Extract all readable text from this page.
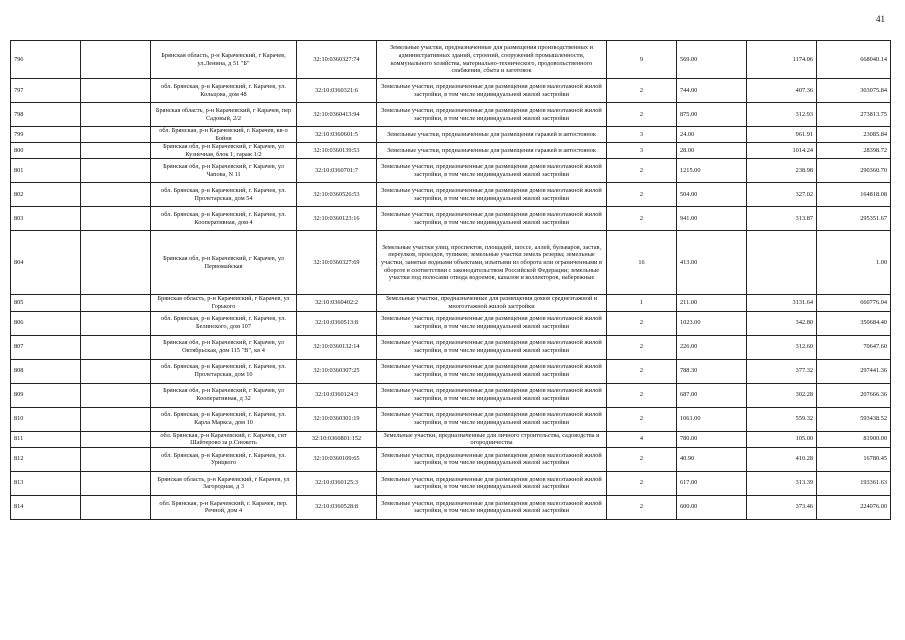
41
796		Брянская область, р-н Карачевский, г Карачев, ул.Ленина, д 51 "Б"	32:10:0360327:74	Земельные участки, предназначенные для размещения производственных и административных зданий, строений, сооружений промышленности, коммунального хозяйства, материально-технического, продовольственного снабжения, сбыта и заготовок	9	569.00	1174.06	668040.14
797		обл. Брянская, р-н Карачевский, г. Карачев, ул. Кольцова, дом 48	32:10:0360321:6	Земельные участки, предназначенные для размещения домов малоэтажной жилой застройки, в том числе индивидуальной жилой застройки	2	744.00	407.36	303075.84
798		Брянская область, р-н Карачевский, г Карачев, пер Садовый, 2/2	32:10:0360413:94	Земельные участки, предназначенные для размещения домов малоэтажной жилой застройки, в том числе индивидуальной жилой застройки	2	875.00	312.93	273813.75
799		обл. Брянская, р-н Карачевский, г. Карачев, кв-л Бойня	32:10:0360601:5	Земельные участки, предназначенные для размещения гаражей и автостоянок	3	24.00	961.91	23085.84
800		Брянская обл, р-н Карачевский, г Карачев, ул Кузнечная, блок 1, гараж 1/2	32:10:0360139:53	Земельные участки, предназначенные для размещения гаражей и автостоянок	3	28.00	1014.24	28398.72
801		Брянская обл, р-н Карачевский, г Карачев, ул Чапова, N 11	32:10:0360701:7	Земельные участки, предназначенные для размещения домов малоэтажной жилой застройки, в том числе индивидуальной жилой застройки	2	1215.00	238.98	290360.70
802		обл. Брянская, р-н Карачевский, г. Карачев, ул. Пролетарская, дом 54	32:10:0360526:53	Земельные участки, предназначенные для размещения домов малоэтажной жилой застройки, в том числе индивидуальной жилой застройки	2	504.00	327.02	164818.08
803		обл. Брянская, р-н Карачевский, г. Карачев, ул. Кооперативная, дом 4	32:10:0360123:16	Земельные участки, предназначенные для размещения домов малоэтажной жилой застройки, в том числе индивидуальной жилой застройки	2	941.00	313.87	295351.67
804		Брянская обл, р-н Карачевский, г Карачев, ул Первомайская	32:10:0360327:69	Земельные участки улиц, проспектов, площадей, шоссе, аллей, бульваров, застав, переулков, проездов, тупиков; земельные участки земель резерва; земельные участки, занятые водными объектами, изъятыми из оборота или ограниченными в обороте в соответствии с законодательством Российской Федерации; земельные участки под полосами отвода водоемов, каналов и коллекторов, набережные	16	413.00		1.00
805		Брянская область, р-н Карачевский, г Карачев, ул Горького	32:10:0360402:2	Земельные участки, предназначенные для размещения домов среднеэтажной и многоэтажной жилой застройки	1	211.00	3131.64	660776.04
806		обл. Брянская, р-н Карачевский, г. Карачев, ул. Белинского, дом 107	32:10:0360513:8	Земельные участки, предназначенные для размещения домов малоэтажной жилой застройки, в том числе индивидуальной жилой застройки	2	1023.00	342.80	350684.40
807		Брянская обл, р-н Карачевский, г Карачев, ул Октябрьская, дом 115 "В", кв 4	32:10:0360132:14	Земельные участки, предназначенные для размещения домов малоэтажной жилой застройки, в том числе индивидуальной жилой застройки	2	226.00	312.60	70647.60
808		обл. Брянская, р-н Карачевский, г. Карачев, ул. Пролетарская, дом 10	32:10:0360307:25	Земельные участки, предназначенные для размещения домов малоэтажной жилой застройки, в том числе индивидуальной жилой застройки	2	788.30	377.32	297441.36
809		Брянская обл, р-н Карачевский, г Карачев, ул Кооперативная, д 32	32:10:0360124:3	Земельные участки, предназначенные для размещения домов малоэтажной жилой застройки, в том числе индивидуальной жилой застройки	2	687.00	302.28	207666.36
810		обл. Брянская, р-н Карачевский, г. Карачев, ул. Карла Маркса, дом 10	32:10:0360301:19	Земельные участки, предназначенные для размещения домов малоэтажной жилой застройки, в том числе индивидуальной жилой застройки	2	1061.00	559.32	593438.52
811		обл. Брянская, р-н Карачевский, г. Карачев, снт Шайтерово за р.Снежеть	32:10:0360801:152	Земельные участки, предназначенные для личного строительства, садоводства и огородничества	4	780.00	105.00	81900.00
812		обл. Брянская, р-н Карачевский, г. Карачев, ул. Урицкого	32:10:0360109:65	Земельные участки, предназначенные для размещения домов малоэтажной жилой застройки, в том числе индивидуальной жилой застройки	2	40.90	410.28	16780.45
813		Брянская область, р-н Карачевский, г Карачев, ул Загородная, д 3	32:10:0360125:3	Земельные участки, предназначенные для размещения домов малоэтажной жилой застройки, в том числе индивидуальной жилой застройки	2	617.00	313.39	193361.63
814		обл. Брянская, р-н Карачевский, г. Карачев, пер. Речной, дом 4	32:10:0360528:8	Земельные участки, предназначенные для размещения домов малоэтажной жилой застройки, в том числе индивидуальной жилой застройки	2	600.00	373.46	224076.00
